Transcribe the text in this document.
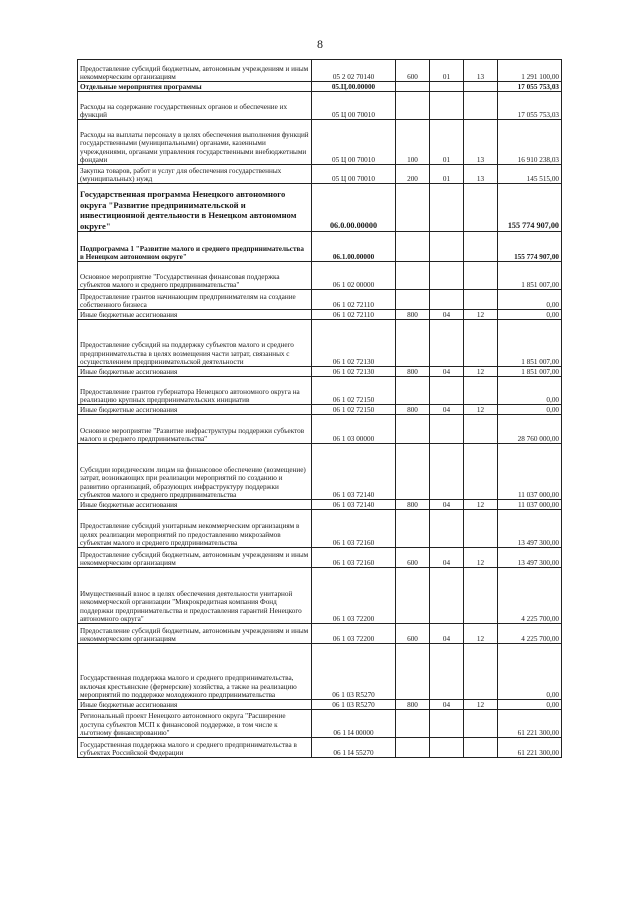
8
Предоставление субсидий бюджетным, автономным учреждениям и иным некоммерческим организациям	05 2 02 70140	600	01	13	1 291 100,00
Отдельные мероприятия программы	05.Ц.00.00000				17 055 753,03
Расходы на содержание государственных органов и обеспечение их функций	05 Ц 00 70010				17 055 753,03
Расходы на выплаты персоналу в целях обеспечения выполнения функций государственными (муниципальными) органами, казенными учреждениями, органами управления государственными внебюджетными фондами	05 Ц 00 70010	100	01	13	16 910 238,03
Закупка товаров, работ и услуг для обеспечения государственных (муниципальных) нужд	05 Ц 00 70010	200	01	13	145 515,00
Государственная программа Ненецкого автономного округа "Развитие предпринимательской и инвестиционной деятельности в Ненецком автономном округе"	06.0.00.00000				155 774 907,00
Подпрограмма 1 "Развитие малого и среднего предпринимательства в Ненецком автономном округе"	06.1.00.00000				155 774 907,00
Основное мероприятие "Государственная финансовая поддержка субъектов малого и среднего предпринимательства"	06 1 02 00000				1 851 007,00
Предоставление грантов начинающим предпринимателям на создание собственного бизнеса	06 1 02 72110				0,00
Иные бюджетные ассигнования	06 1 02 72110	800	04	12	0,00
Предоставление субсидий на поддержку субъектов малого и среднего предпринимательства в целях возмещения части затрат, связанных с осуществлением предпринимательской деятельности	06 1 02 72130				1 851 007,00
Иные бюджетные ассигнования	06 1 02 72130	800	04	12	1 851 007,00
Предоставление грантов губернатора Ненецкого автономного округа на реализацию крупных предпринимательских инициатив	06 1 02 72150				0,00
Иные бюджетные ассигнования	06 1 02 72150	800	04	12	0,00
Основное мероприятие "Развитие инфраструктуры поддержки субъектов малого и среднего предпринимательства"	06 1 03 00000				28 760 000,00
Субсидии юридическим лицам на финансовое обеспечение (возмещение) затрат, возникающих при реализации мероприятий по созданию и развитию организаций, образующих инфраструктуру поддержки субъектов малого и среднего предпринимательства	06 1 03 72140				11 037 000,00
Иные бюджетные ассигнования	06 1 03 72140	800	04	12	11 037 000,00
Предоставление субсидий унитарным некоммерческим организациям в целях реализации мероприятий по предоставлению микрозаймов субъектам малого и среднего предпринимательства	06 1 03 72160				13 497 300,00
Предоставление субсидий бюджетным, автономным учреждениям и иным некоммерческим организациям	06 1 03 72160	600	04	12	13 497 300,00
Имущественный взнос в целях обеспечения деятельности унитарной некоммерческой организации "Микрокредитная компания Фонд поддержки предпринимательства и предоставления гарантий Ненецкого автономного округа"	06 1 03 72200				4 225 700,00
Предоставление субсидий бюджетным, автономным учреждениям и иным некоммерческим организациям	06 1 03 72200	600	04	12	4 225 700,00
Государственная поддержка малого и среднего предпринимательства, включая крестьянские (фермерские) хозяйства, а также на реализацию мероприятий по поддержке молодежного предпринимательства	06 1 03 R5270				0,00
Иные бюджетные ассигнования	06 1 03 R5270	800	04	12	0,00
Региональный проект Ненецкого автономного округа "Расширение доступа субъектов МСП к финансовой поддержке, в том числе к льготному финансированию"	06 1 I4 00000				61 221 300,00
Государственная поддержка малого и среднего предпринимательства в субъектах Российской Федерации	06 1 I4 55270				61 221 300,00
